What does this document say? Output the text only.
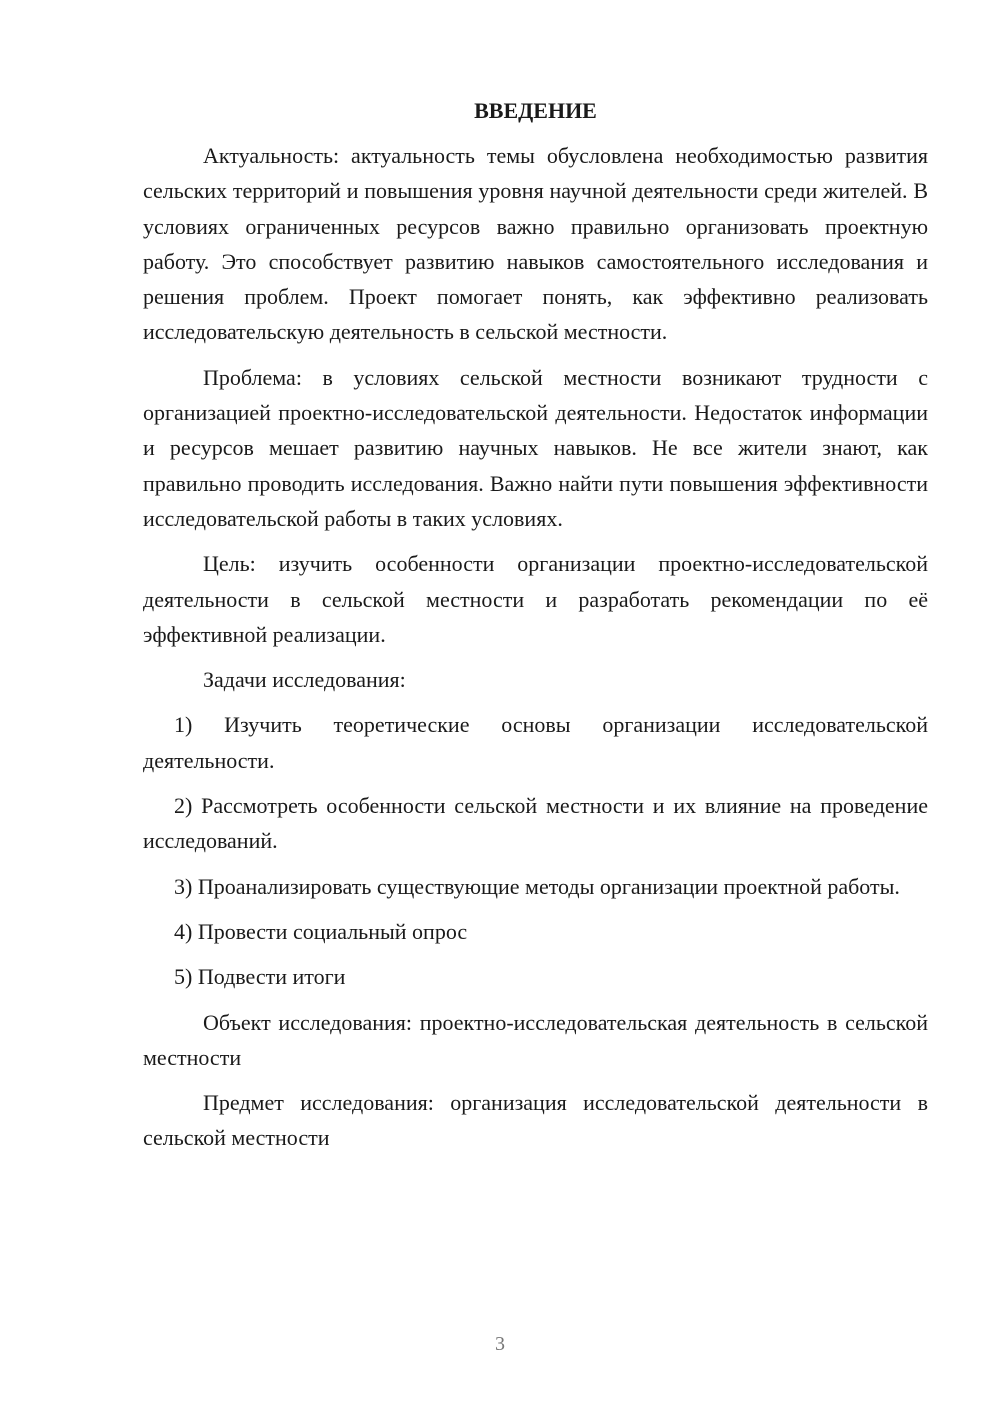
ВВЕДЕНИЕ

Актуальность: актуальность темы обусловлена необходимостью развития сельских территорий и повышения уровня научной деятельности среди жителей. В условиях ограниченных ресурсов важно правильно организовать проектную работу. Это способствует развитию навыков самостоятельного исследования и решения проблем. Проект помогает понять, как эффективно реализовать исследовательскую деятельность в сельской местности.

Проблема: в условиях сельской местности возникают трудности с организацией проектно-исследовательской деятельности. Недостаток информации и ресурсов мешает развитию научных навыков. Не все жители знают, как правильно проводить исследования. Важно найти пути повышения эффективности исследовательской работы в таких условиях.

Цель: изучить особенности организации проектно-исследовательской деятельности в сельской местности и разработать рекомендации по её эффективной реализации.

Задачи исследования:

1) Изучить теоретические основы организации исследовательской деятельности.

2) Рассмотреть особенности сельской местности и их влияние на проведение исследований.

3) Проанализировать существующие методы организации проектной работы.

4) Провести социальный опрос

5) Подвести итоги

Объект исследования: проектно-исследовательская деятельность в сельской местности

Предмет исследования: организация исследовательской деятельности в сельской местности

3
